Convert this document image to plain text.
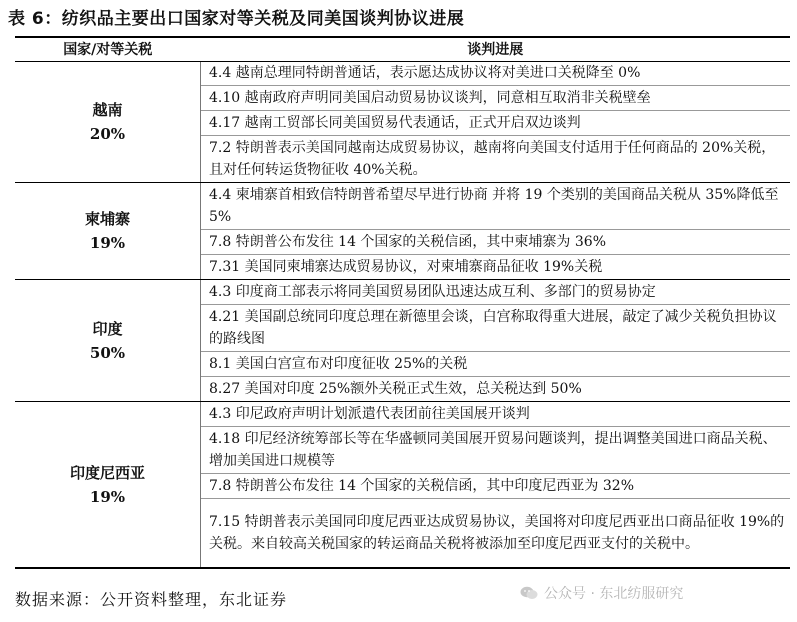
表 6：纺织品主要出口国家对等关税及同美国谈判协议进展
国家/对等关税	谈判进展

越南
20%	4.4 越南总理同特朗普通话，表示愿达成协议将对美进口关税降至 0%
	4.10 越南政府声明同美国启动贸易协议谈判，同意相互取消非关税壁垒
	4.17 越南工贸部长同美国贸易代表通话，正式开启双边谈判
	7.2 特朗普表示美国同越南达成贸易协议，越南将向美国支付适用于任何商品的 20%关税，且对任何转运货物征收 40%关税。

柬埔寨
19%	4.4 柬埔寨首相致信特朗普希望尽早进行协商 并将 19 个类别的美国商品关税从 35%降低至 5%
	7.8 特朗普公布发往 14 个国家的关税信函，其中柬埔寨为 36%
	7.31 美国同柬埔寨达成贸易协议，对柬埔寨商品征收 19%关税

印度
50%	4.3 印度商工部表示将同美国贸易团队迅速达成互利、多部门的贸易协定
	4.21 美国副总统同印度总理在新德里会谈，白宫称取得重大进展，敲定了减少关税负担协议的路线图
	8.1 美国白宫宣布对印度征收 25%的关税
	8.27 美国对印度 25%额外关税正式生效，总关税达到 50%

印度尼西亚
19%	4.3 印尼政府声明计划派遣代表团前往美国展开谈判
	4.18 印尼经济统筹部长等在华盛顿同美国展开贸易问题谈判，提出调整美国进口商品关税、增加美国进口规模等
	7.8 特朗普公布发往 14 个国家的关税信函，其中印度尼西亚为 32%
	7.15 特朗普表示美国同印度尼西亚达成贸易协议，美国将对印度尼西亚出口商品征收 19%的关税。来自较高关税国家的转运商品关税将被添加至印度尼西亚支付的关税中。
数据来源：公开资料整理，东北证券	公众号 · 东北纺服研究
